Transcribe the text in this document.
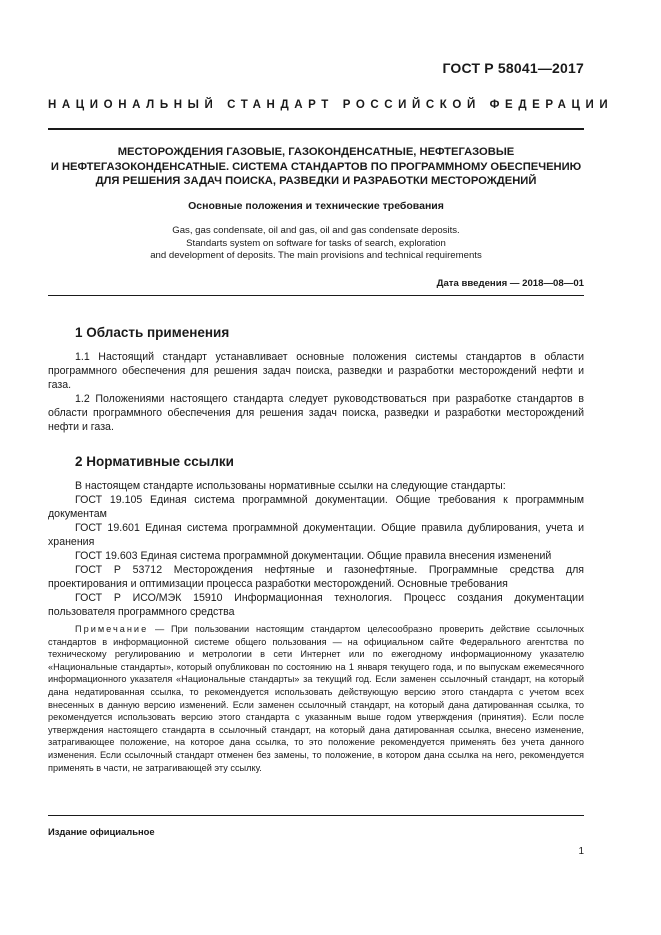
ГОСТ Р 58041—2017
НАЦИОНАЛЬНЫЙ СТАНДАРТ РОССИЙСКОЙ ФЕДЕРАЦИИ
МЕСТОРОЖДЕНИЯ ГАЗОВЫЕ, ГАЗОКОНДЕНСАТНЫЕ, НЕФТЕГАЗОВЫЕ
И НЕФТЕГАЗОКОНДЕНСАТНЫЕ. СИСТЕМА СТАНДАРТОВ ПО ПРОГРАММНОМУ ОБЕСПЕЧЕНИЮ
ДЛЯ РЕШЕНИЯ ЗАДАЧ ПОИСКА, РАЗВЕДКИ И РАЗРАБОТКИ МЕСТОРОЖДЕНИЙ
Основные положения и технические требования
Gas, gas condensate, oil and gas, oil and gas condensate deposits.
Standarts system on software for tasks of search, exploration
and development of deposits. The main provisions and technical requirements
Дата введения — 2018—08—01
1 Область применения

1.1 Настоящий стандарт устанавливает основные положения системы стандартов в области программного обеспечения для решения задач поиска, разведки и разработки месторождений нефти и газа.

1.2 Положениями настоящего стандарта следует руководствоваться при разработке стандартов в области программного обеспечения для решения задач поиска, разведки и разработки месторождений нефти и газа.

2 Нормативные ссылки

В настоящем стандарте использованы нормативные ссылки на следующие стандарты:

ГОСТ 19.105 Единая система программной документации. Общие требования к программным документам

ГОСТ 19.601 Единая система программной документации. Общие правила дублирования, учета и хранения

ГОСТ 19.603 Единая система программной документации. Общие правила внесения изменений

ГОСТ Р 53712 Месторождения нефтяные и газонефтяные. Программные средства для проектирования и оптимизации процесса разработки месторождений. Основные требования

ГОСТ Р ИСО/МЭК 15910 Информационная технология. Процесс создания документации пользователя программного средства

Примечание — При пользовании настоящим стандартом целесообразно проверить действие ссылочных стандартов в информационной системе общего пользования — на официальном сайте Федерального агентства по техническому регулированию и метрологии в сети Интернет или по ежегодному информационному указателю «Национальные стандарты», который опубликован по состоянию на 1 января текущего года, и по выпускам ежемесячного информационного указателя «Национальные стандарты» за текущий год. Если заменен ссылочный стандарт, на который дана недатированная ссылка, то рекомендуется использовать действующую версию этого стандарта с учетом всех внесенных в данную версию изменений. Если заменен ссылочный стандарт, на который дана датированная ссылка, то рекомендуется использовать версию этого стандарта с указанным выше годом утверждения (принятия). Если после утверждения настоящего стандарта в ссылочный стандарт, на который дана датированная ссылка, внесено изменение, затрагивающее положение, на которое дана ссылка, то это положение рекомендуется применять без учета данного изменения. Если ссылочный стандарт отменен без замены, то положение, в котором дана ссылка на него, рекомендуется применять в части, не затрагивающей эту ссылку.

Издание официальное
1
